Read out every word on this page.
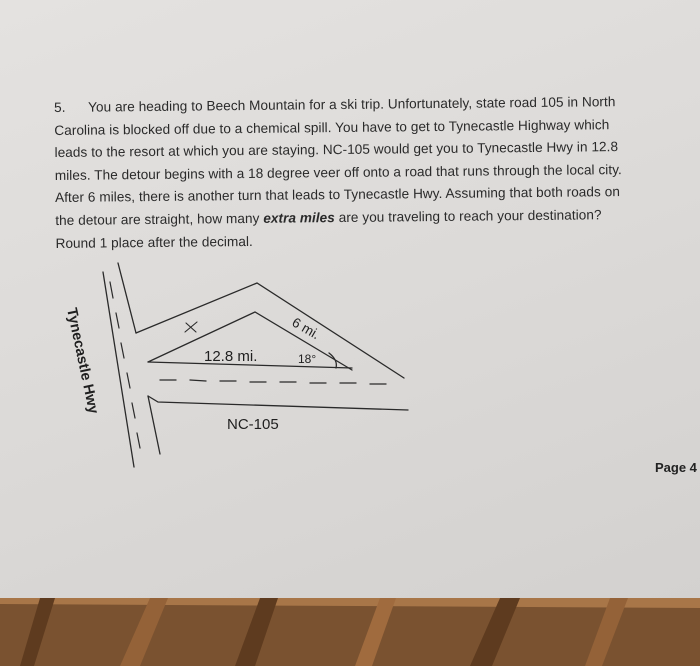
5. You are heading to Beech Mountain for a ski trip. Unfortunately, state road 105 in North
Carolina is blocked off due to a chemical spill. You have to get to Tynecastle Highway which
leads to the resort at which you are staying. NC-105 would get you to Tynecastle Hwy in 12.8
miles. The detour begins with a 18 degree veer off onto a road that runs through the local city.
After 6 miles, there is another turn that leads to Tynecastle Hwy. Assuming that both roads on
the detour are straight, how many extra miles are you traveling to reach your destination?
Round 1 place after the decimal.
Tynecastle Hwy	12.8 mi.
6 mi.
18°
NC-105
Page 4
